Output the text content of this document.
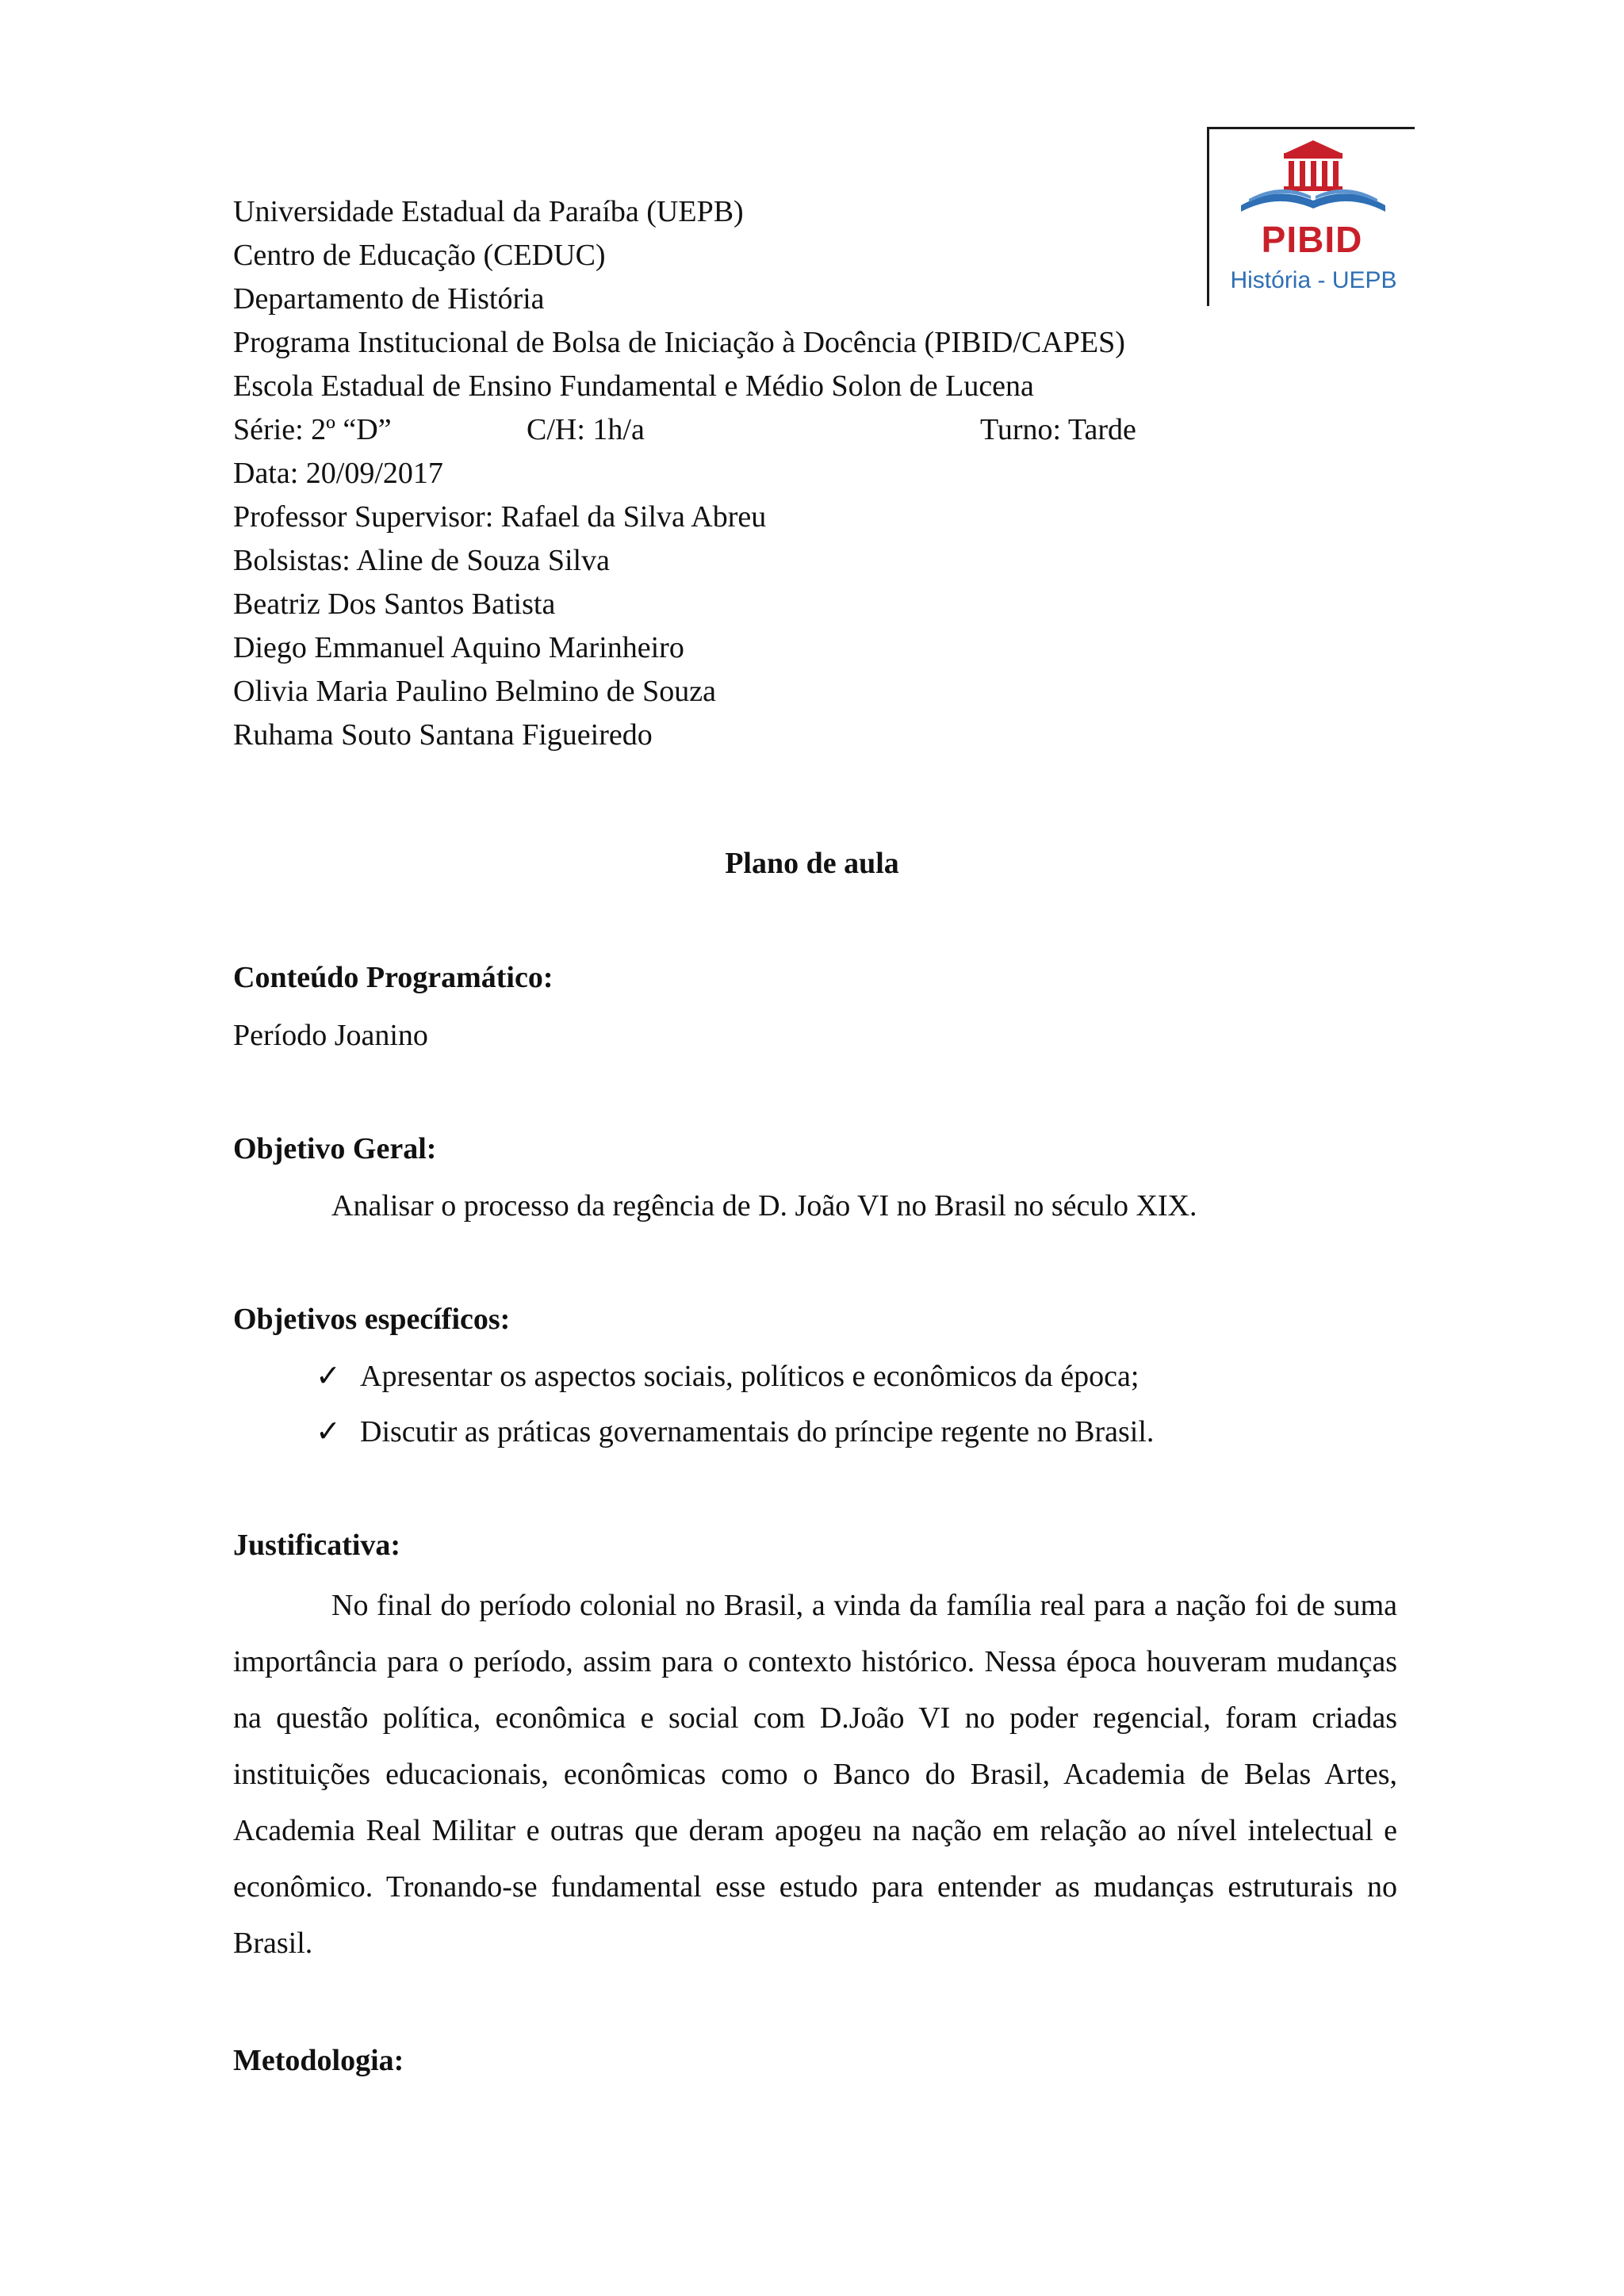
PIBID
História - UEPB
Universidade Estadual da Paraíba (UEPB)
Centro de Educação (CEDUC)
Departamento de História
Programa Institucional de Bolsa de Iniciação à Docência (PIBID/CAPES)
Escola Estadual de Ensino Fundamental e Médio Solon de Lucena
Série: 2º “D”	C/H: 1h/a	Turno: Tarde
Data: 20/09/2017
Professor Supervisor: Rafael da Silva Abreu
Bolsistas: Aline de Souza Silva
Beatriz Dos Santos Batista
Diego Emmanuel Aquino Marinheiro
Olivia Maria Paulino Belmino de Souza
Ruhama Souto Santana Figueiredo
Plano de aula
Conteúdo Programático:
Período Joanino
Objetivo Geral:
Analisar o processo da regência de D. João VI no Brasil no século XIX.
Objetivos específicos:
✓ Apresentar os aspectos sociais, políticos e econômicos da época;
✓ Discutir as práticas governamentais do príncipe regente no Brasil.
Justificativa:
No final do período colonial no Brasil, a vinda da família real para a nação foi de suma importância para o período, assim para o contexto histórico. Nessa época houveram mudanças na questão política, econômica e social com D.João VI no poder regencial, foram criadas instituições educacionais, econômicas como o Banco do Brasil, Academia de Belas Artes, Academia Real Militar e outras que deram apogeu na nação em relação ao nível intelectual e econômico. Tronando-se fundamental esse estudo para entender as mudanças estruturais no Brasil.
Metodologia:
